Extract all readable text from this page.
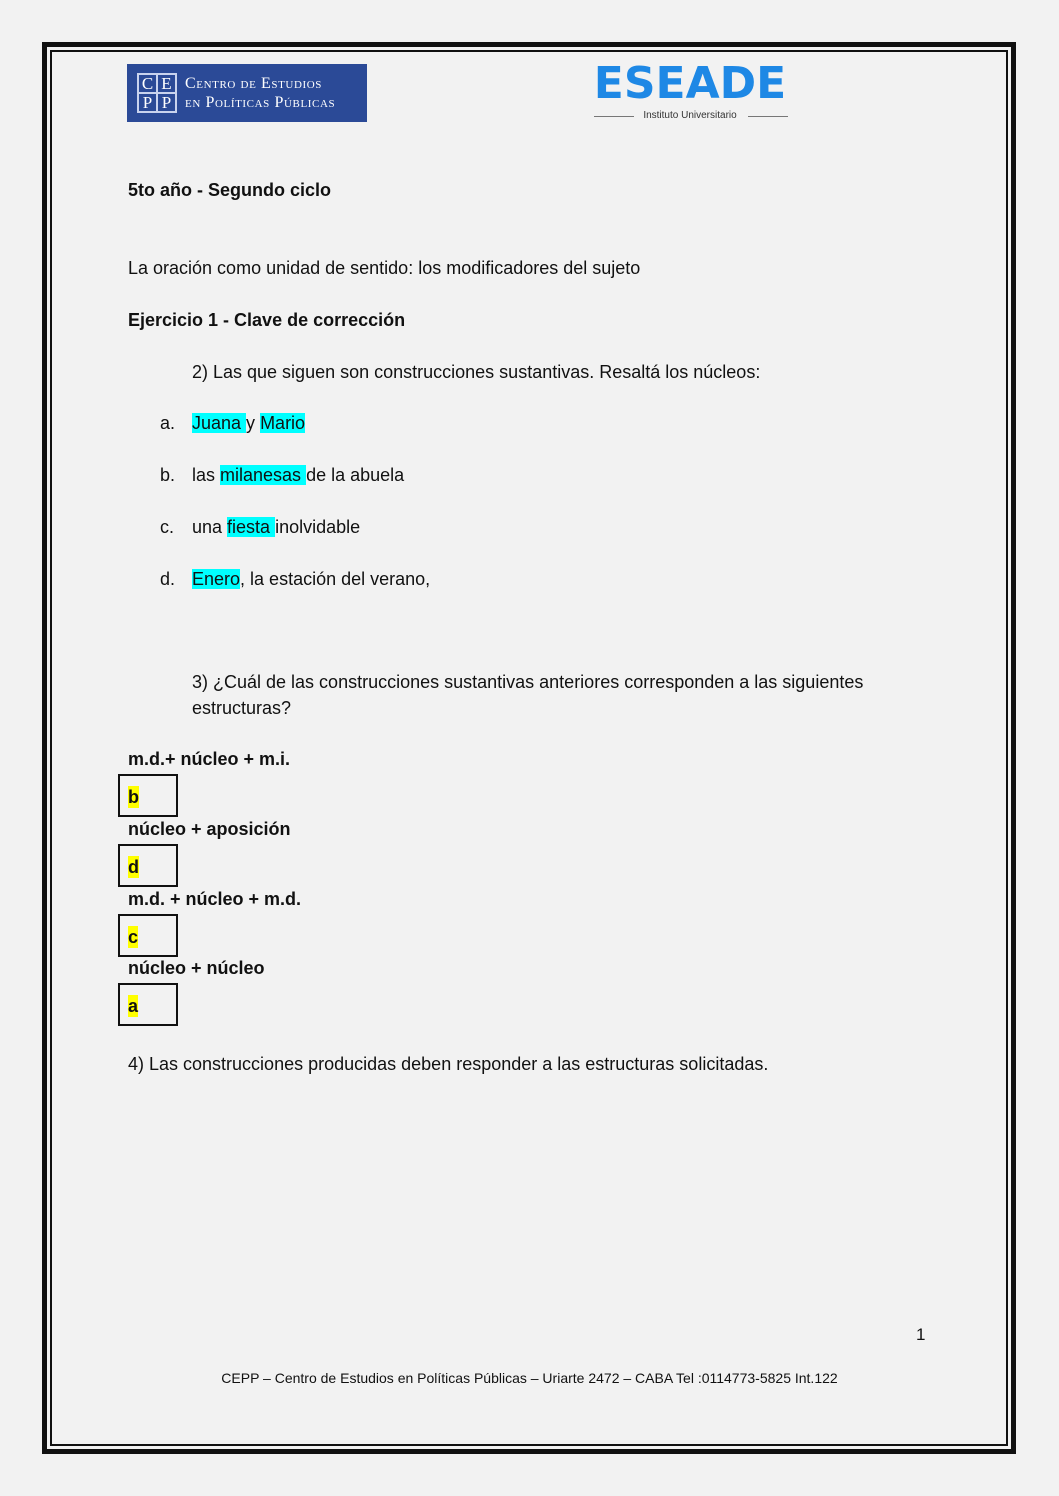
C E
P P
Centro de Estudios
en Políticas Públicas	ESEADE
Instituto Universitario
5to año - Segundo ciclo
La oración como unidad de sentido: los modificadores del sujeto
Ejercicio 1 - Clave de corrección
2) Las que siguen son construcciones sustantivas. Resaltá los núcleos:
a. Juana y Mario
b. las milanesas de la abuela
c. una fiesta inolvidable
d. Enero, la estación del verano,
3) ¿Cuál de las construcciones sustantivas anteriores corresponden a las siguientes
estructuras?
m.d.+ núcleo + m.i.
b
núcleo + aposición
d
m.d. + núcleo + m.d.
c
núcleo + núcleo
a
4) Las construcciones producidas deben responder a las estructuras solicitadas.
1
CEPP – Centro de Estudios en Políticas Públicas – Uriarte 2472 – CABA Tel :0114773-5825 Int.122
